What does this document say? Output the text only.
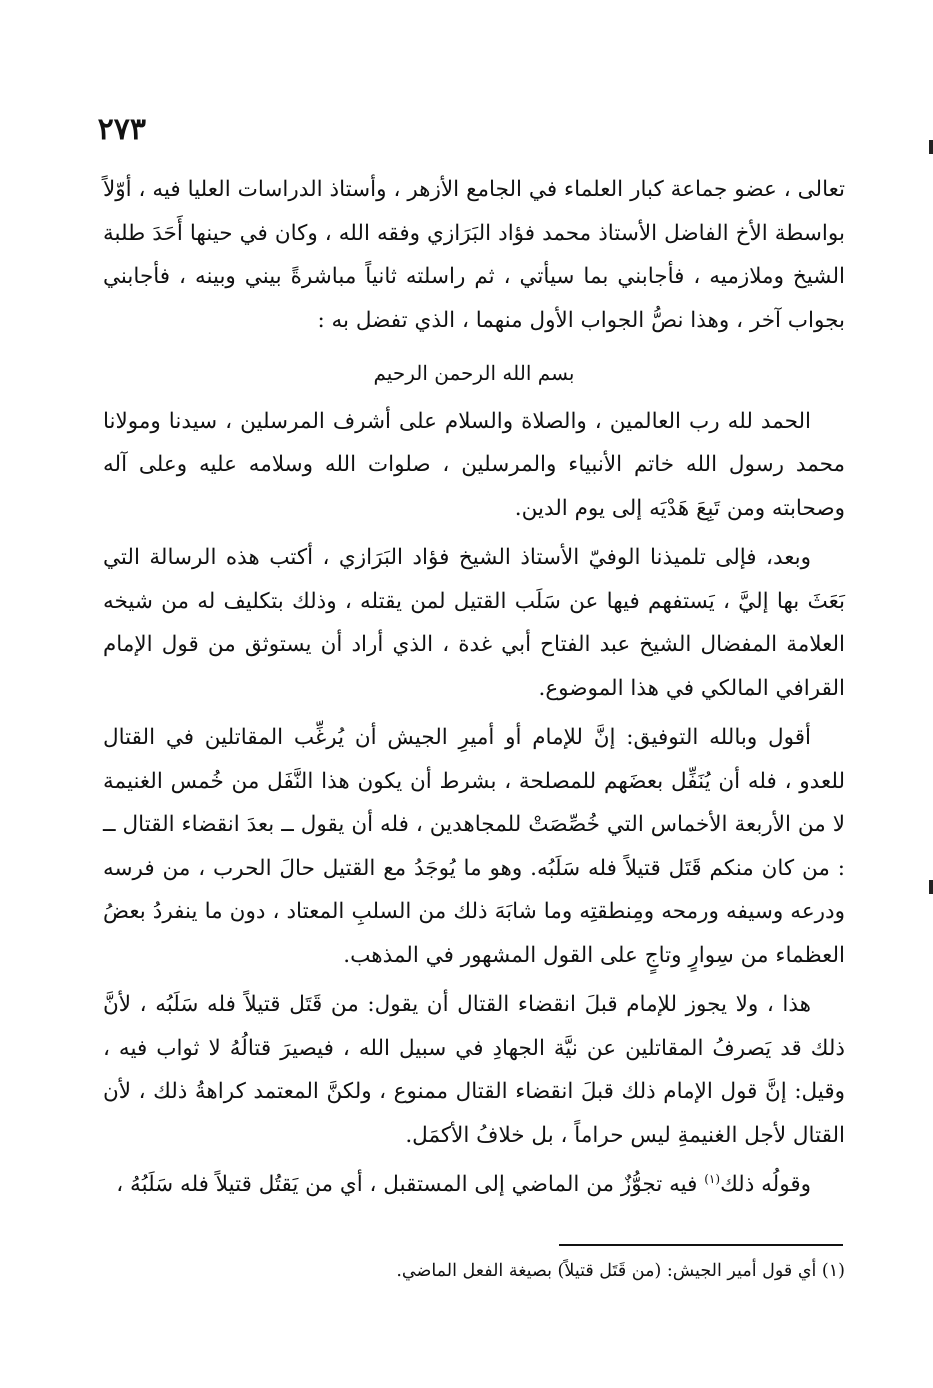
٢٧٣

تعالى ، عضو جماعة كبار العلماء في الجامع الأزهر ، وأستاذ الدراسات العليا فيه ، أوّلاً بواسطة الأخ الفاضل الأستاذ محمد فؤاد البَرَازي وفقه الله ، وكان في حينها أَحَدَ طلبة الشيخ وملازميه ، فأجابني بما سيأتي ، ثم راسلته ثانياً مباشرةً بيني وبينه ، فأجابني بجواب آخر ، وهذا نصُّ الجواب الأول منهما ، الذي تفضل به :

بسم الله الرحمن الرحيم

الحمد لله رب العالمين ، والصلاة والسلام على أشرف المرسلين ، سيدنا ومولانا محمد رسول الله خاتم الأنبياء والمرسلين ، صلوات الله وسلامه عليه وعلى آله وصحابته ومن تَبِعَ هَدْيَه إلى يوم الدين.

وبعد، فإلى تلميذنا الوفيّ الأستاذ الشيخ فؤاد البَرَازي ، أكتب هذه الرسالة التي بَعَثَ بها إليَّ ، يَستفهم فيها عن سَلَب القتيل لمن يقتله ، وذلك بتكليف له من شيخه العلامة المفضال الشيخ عبد الفتاح أبي غدة ، الذي أراد أن يستوثق من قول الإمام القرافي المالكي في هذا الموضوع.

أقول وبالله التوفيق: إنَّ للإمام أو أميرِ الجيش أن يُرغِّب المقاتلين في القتال للعدو ، فله أن يُنَفِّل بعضَهم للمصلحة ، بشرط أن يكون هذا النَّفَل من خُمس الغنيمة لا من الأربعة الأخماس التي خُصِّصَتْ للمجاهدين ، فله أن يقول ــ بعدَ انقضاء القتال ــ : من كان منكم قَتَل قتيلاً فله سَلَبُه. وهو ما يُوجَدُ مع القتيل حالَ الحرب ، من فرسه ودرعه وسيفه ورمحه ومِنطقتِه وما شابَهَ ذلك من السلبِ المعتاد ، دون ما ينفردُ بعضُ العظماء من سِوارٍ وتاجٍ على القول المشهور في المذهب.

هذا ، ولا يجوز للإمام قبلَ انقضاء القتال أن يقول: من قَتَل قتيلاً فله سَلَبُه ، لأنَّ ذلك قد يَصرفُ المقاتلين عن نيَّة الجهادِ في سبيل الله ، فيصيرَ قتالُهُ لا ثواب فيه ، وقيل: إنَّ قول الإمام ذلك قبلَ انقضاء القتال ممنوع ، ولكنَّ المعتمد كراهةُ ذلك ، لأن القتال لأجل الغنيمةِ ليس حراماً ، بل خلافُ الأكمَل.

وقولُه ذلك$^{(١)}$ فيه تجوُّزٌ من الماضي إلى المستقبل ، أي من يَقتُل قتيلاً فله سَلَبُهُ ،

(١) أي قول أمير الجيش: (من قَتَل قتيلاً) بصيغة الفعل الماضي.
